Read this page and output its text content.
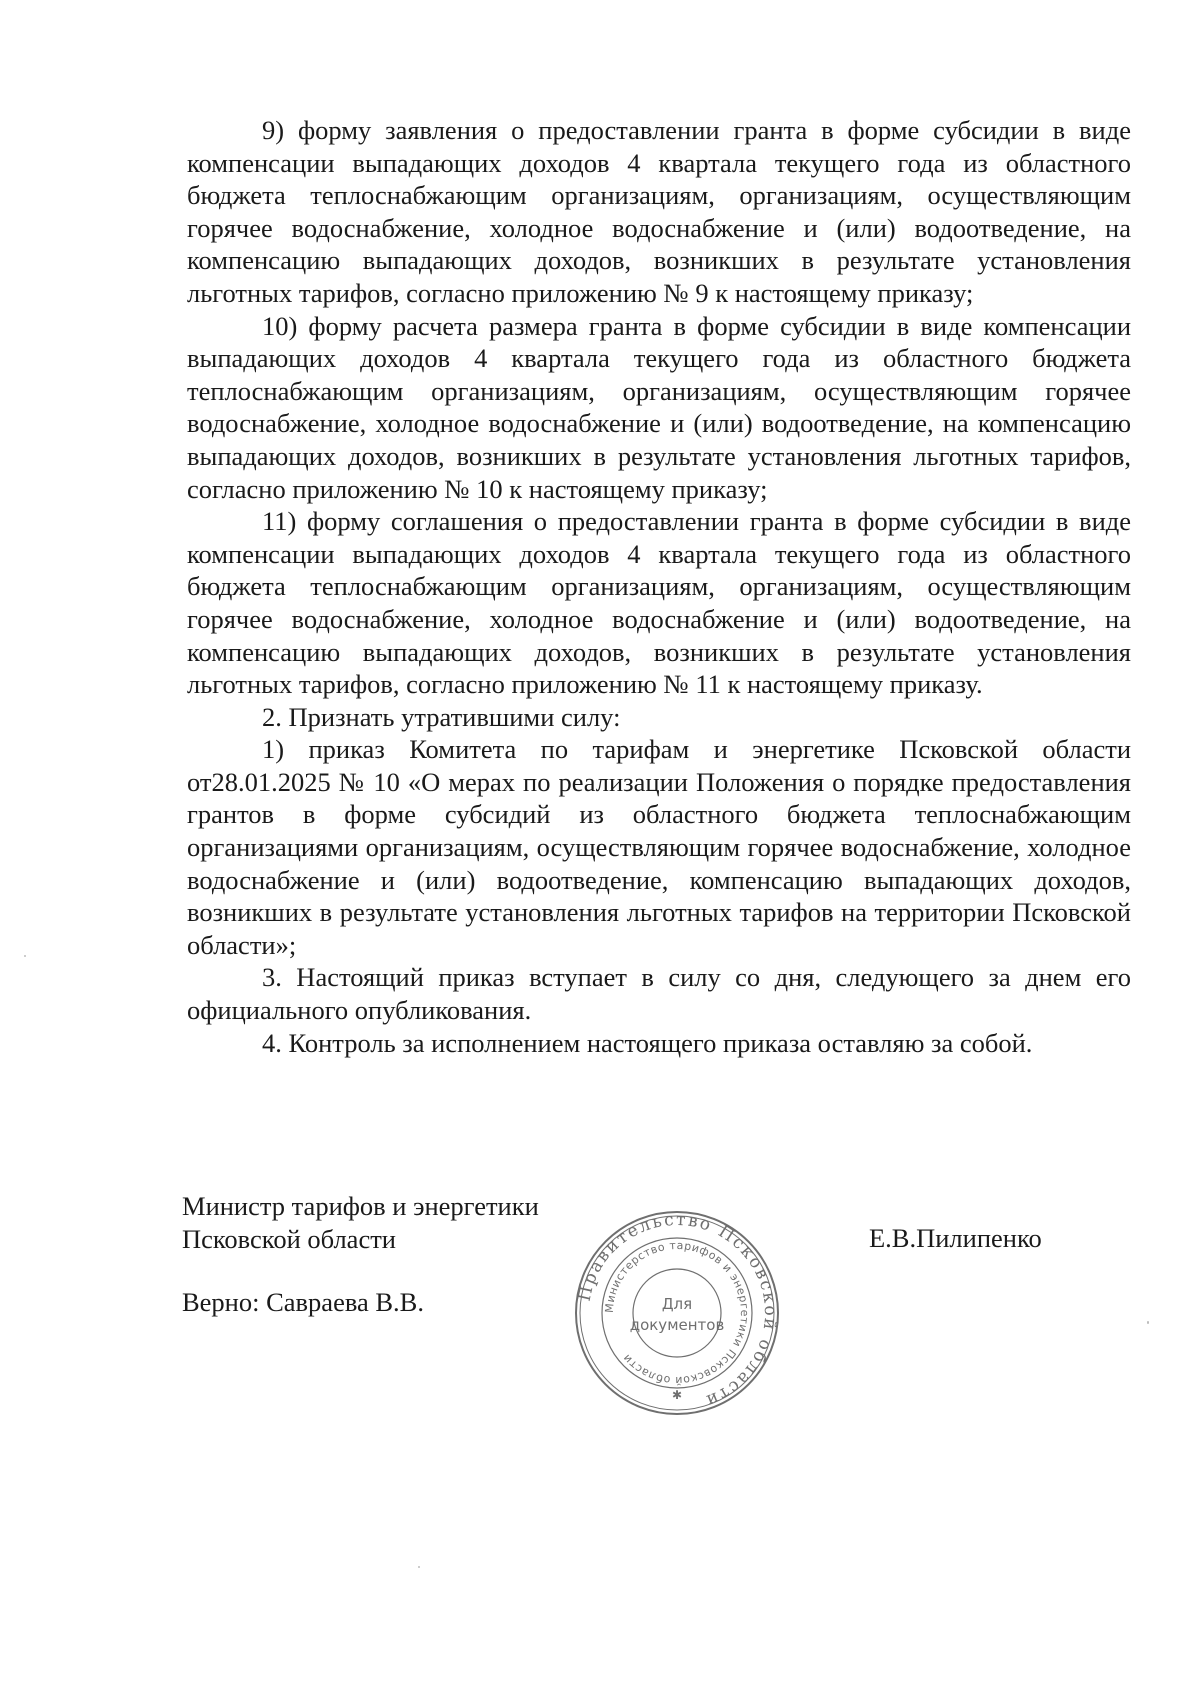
9) форму заявления о предоставлении гранта в форме субсидии в виде компенсации выпадающих доходов 4 квартала текущего года из областного бюджета теплоснабжающим организациям, организациям, осуществляющим горячее водоснабжение, холодное водоснабжение и (или) водоотведение, на компенсацию выпадающих доходов, возникших в результате установления льготных тарифов, согласно приложению № 9 к настоящему приказу;

10) форму расчета размера гранта в форме субсидии в виде компенсации выпадающих доходов 4 квартала текущего года из областного бюджета теплоснабжающим организациям, организациям, осуществляющим горячее водоснабжение, холодное водоснабжение и (или) водоотведение, на компенсацию выпадающих доходов, возникших в результате установления льготных тарифов, согласно приложению № 10 к настоящему приказу;

11) форму соглашения о предоставлении гранта в форме субсидии в виде компенсации выпадающих доходов 4 квартала текущего года из областного бюджета теплоснабжающим организациям, организациям, осуществляющим горячее водоснабжение, холодное водоснабжение и (или) водоотведение, на компенсацию выпадающих доходов, возникших в результате установления льготных тарифов, согласно приложению № 11 к настоящему приказу.

2. Признать утратившими силу:

1) приказ Комитета по тарифам и энергетике Псковской области от28.01.2025 № 10 «О мерах по реализации Положения о порядке предоставления грантов в форме субсидий из областного бюджета теплоснабжающим организациями организациям, осуществляющим горячее водоснабжение, холодное водоснабжение и (или) водоотведение, компенсацию выпадающих доходов, возникших в результате установления льготных тарифов на территории Псковской области»;

3. Настоящий приказ вступает в силу со дня, следующего за днем его официального опубликования.

4. Контроль за исполнением настоящего приказа оставляю за собой.

Министр тарифов и энергетики
Псковской области	Е.В.Пилипенко
Верно: Савраева В.В.	Правительство Псковской области
Министерство тарифов и энергетики Псковской области
Для
документов
✱
